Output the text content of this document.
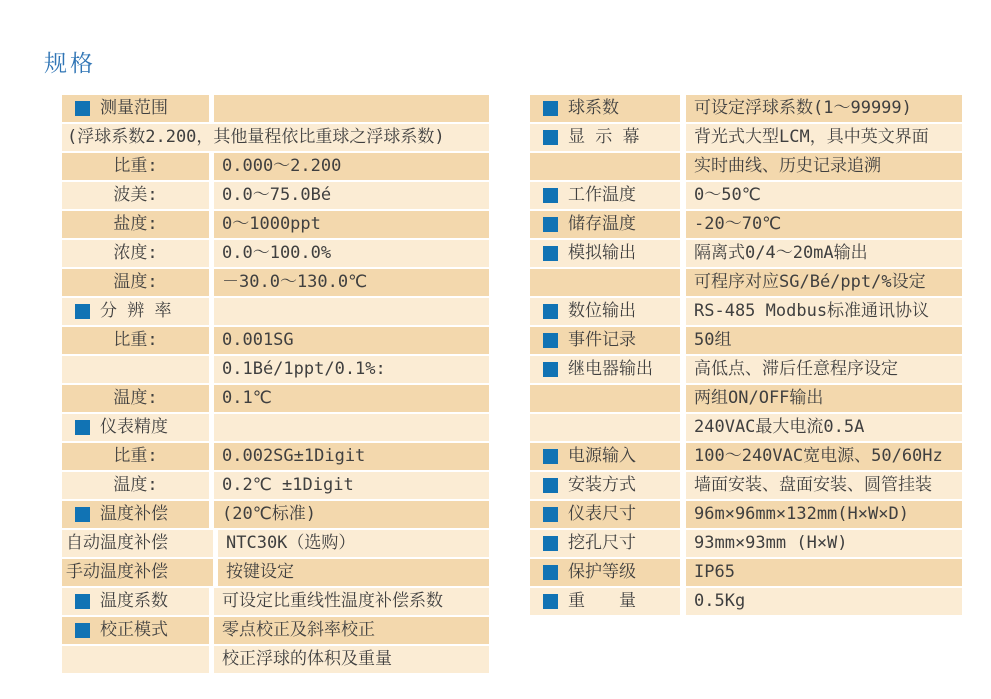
规格
测量范围
(浮球系数2.200，其他量程依比重球之浮球系数)
比重:	0.000～2.200
波美:	0.0～75.0Bé
盐度:	0～1000ppt
浓度:	0.0～100.0%
温度:	－30.0～130.0℃
分 辨 率
比重:	0.001SG
0.1Bé/1ppt/0.1%:
温度:	0.1℃
仪表精度
比重:	0.002SG±1Digit
温度:	0.2℃ ±1Digit
温度补偿	(20℃标准)
自动温度补偿	NTC30K（选购）
手动温度补偿	按键设定
温度系数	可设定比重线性温度补偿系数
校正模式	零点校正及斜率校正
校正浮球的体积及重量
球系数	可设定浮球系数(1～99999)
显 示 幕	背光式大型LCM，具中英文界面
实时曲线、历史记录追溯
工作温度	0～50℃
储存温度	-20～70℃
模拟输出	隔离式0/4～20mA输出
可程序对应SG/Bé/ppt/%设定
数位输出	RS-485 Modbus标准通讯协议
事件记录	50组
继电器输出 高低点、滞后任意程序设定
两组ON/OFF输出
240VAC最大电流0.5A
电源输入	100～240VAC宽电源、50/60Hz
安装方式	墙面安装、盘面安装、圆管挂装
仪表尺寸	96m×96mm×132mm(H×W×D)
挖孔尺寸	93mm×93mm (H×W)
保护等级	IP65
重　　量	0.5Kg
